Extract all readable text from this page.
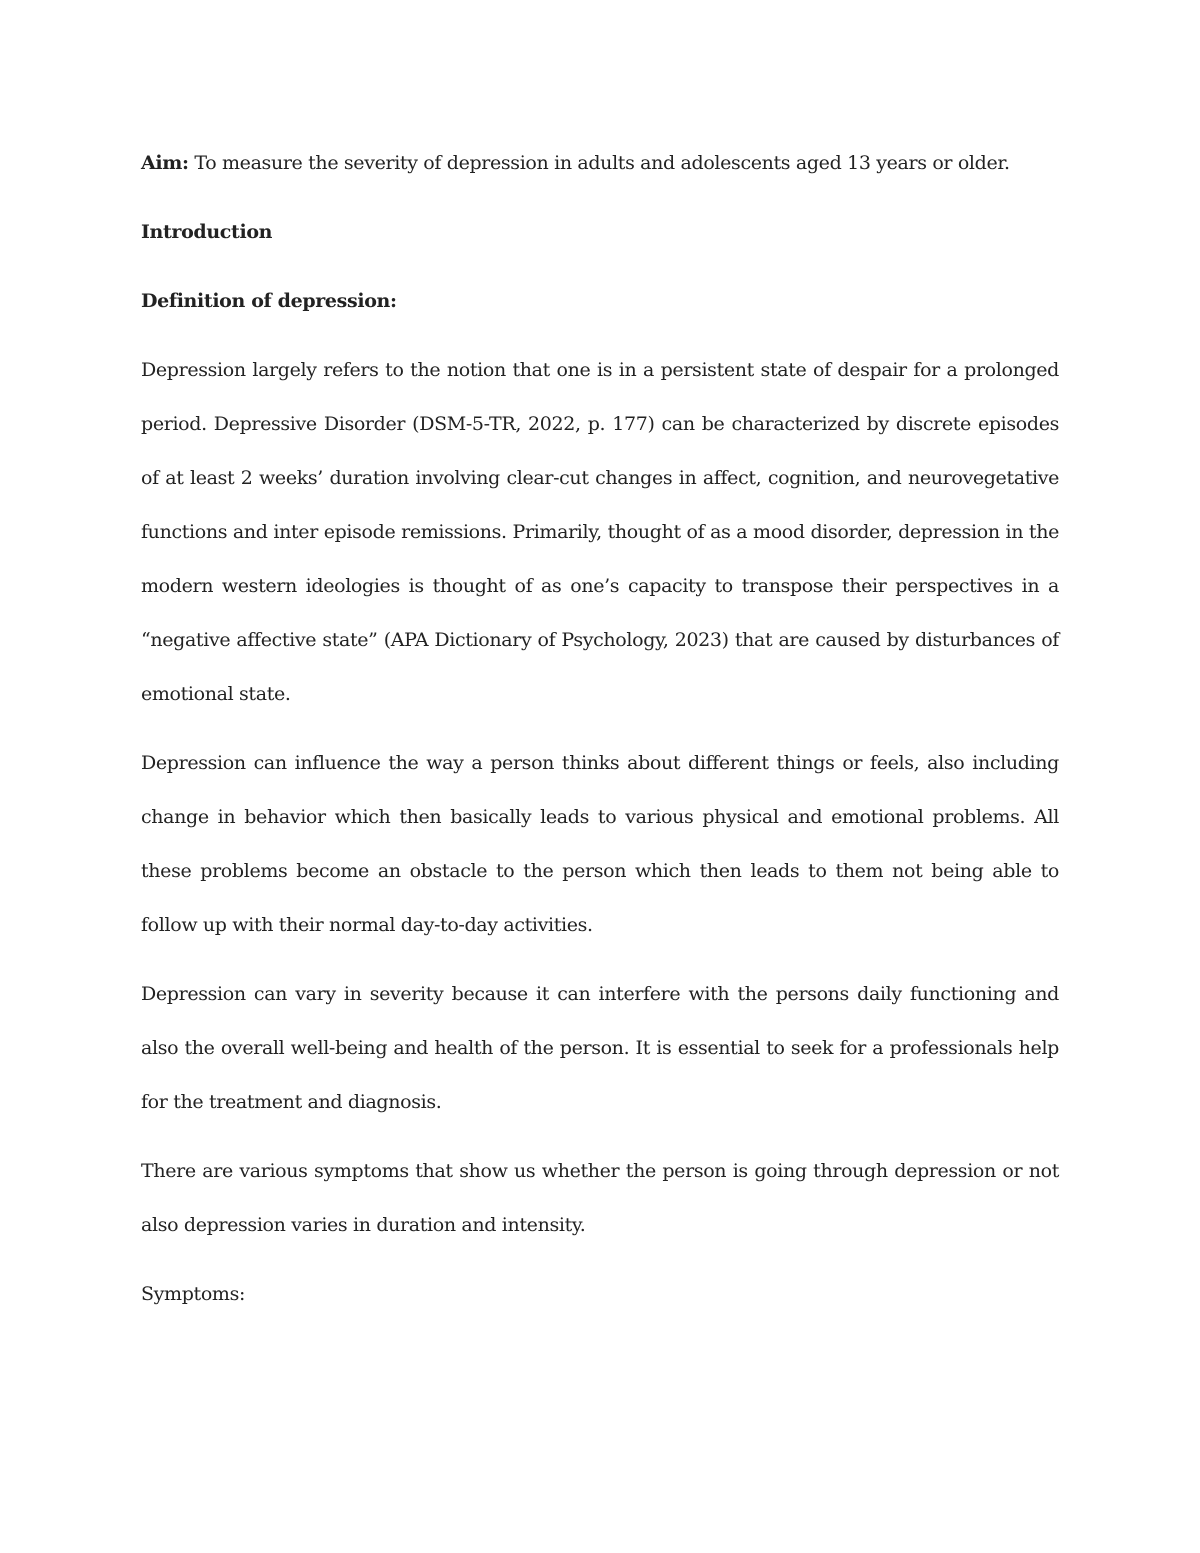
Aim: To measure the severity of depression in adults and adolescents aged 13 years or older.

Introduction

Definition of depression:

Depression largely refers to the notion that one is in a persistent state of despair for a prolonged period. Depressive Disorder (DSM-5-TR, 2022, p. 177) can be characterized by discrete episodes of at least 2 weeks’ duration involving clear-cut changes in affect, cognition, and neurovegetative functions and inter episode remissions. Primarily, thought of as a mood disorder, depression in the modern western ideologies is thought of as one’s capacity to transpose their perspectives in a “negative affective state” (APA Dictionary of Psychology, 2023) that are caused by disturbances of emotional state.

Depression can influence the way a person thinks about different things or feels, also including change in behavior which then basically leads to various physical and emotional problems. All these problems become an obstacle to the person which then leads to them not being able to follow up with their normal day-to-day activities.

Depression can vary in severity because it can interfere with the persons daily functioning and also the overall well-being and health of the person. It is essential to seek for a professionals help for the treatment and diagnosis.

There are various symptoms that show us whether the person is going through depression or not also depression varies in duration and intensity.

Symptoms:
